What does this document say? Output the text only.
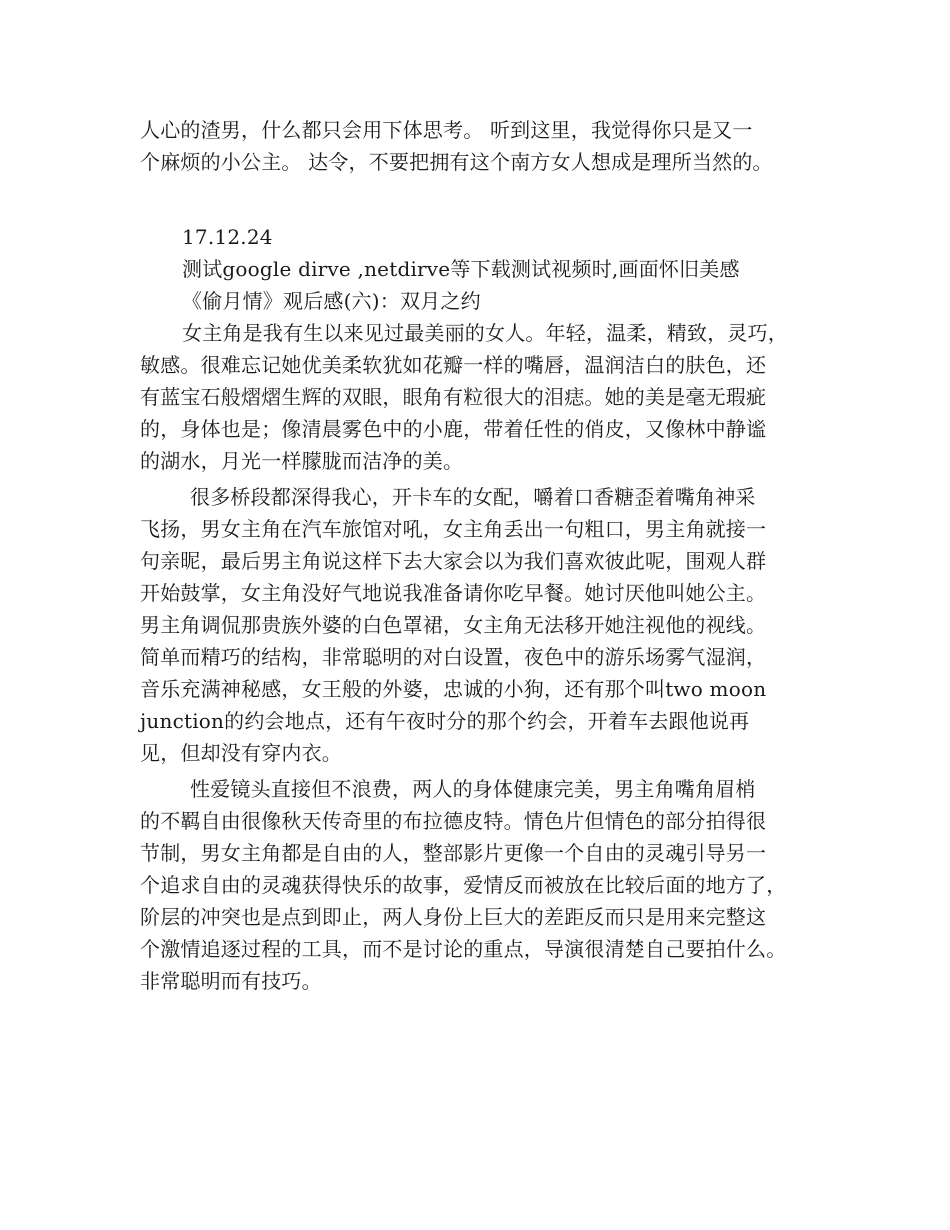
人心的渣男，什么都只会用下体思考。 听到这里，我觉得你只是又一
个麻烦的小公主。 达令，不要把拥有这个南方女人想成是理所当然的。
17.12.24
测试google dirve ,netdirve等下载测试视频时,画面怀旧美感
《偷月情》观后感(六)：双月之约
女主角是我有生以来见过最美丽的女人。年轻，温柔，精致，灵巧，
敏感。很难忘记她优美柔软犹如花瓣一样的嘴唇，温润洁白的肤色，还
有蓝宝石般熠熠生辉的双眼，眼角有粒很大的泪痣。她的美是毫无瑕疵
的，身体也是；像清晨雾色中的小鹿，带着任性的俏皮，又像林中静谧
的湖水，月光一样朦胧而洁净的美。
很多桥段都深得我心，开卡车的女配，嚼着口香糖歪着嘴角神采
飞扬，男女主角在汽车旅馆对吼，女主角丢出一句粗口，男主角就接一
句亲昵，最后男主角说这样下去大家会以为我们喜欢彼此呢，围观人群
开始鼓掌，女主角没好气地说我准备请你吃早餐。她讨厌他叫她公主。
男主角调侃那贵族外婆的白色罩裙，女主角无法移开她注视他的视线。
简单而精巧的结构，非常聪明的对白设置，夜色中的游乐场雾气湿润，
音乐充满神秘感，女王般的外婆，忠诚的小狗，还有那个叫two moon
junction的约会地点，还有午夜时分的那个约会，开着车去跟他说再
见，但却没有穿内衣。
性爱镜头直接但不浪费，两人的身体健康完美，男主角嘴角眉梢
的不羁自由很像秋天传奇里的布拉德皮特。情色片但情色的部分拍得很
节制，男女主角都是自由的人，整部影片更像一个自由的灵魂引导另一
个追求自由的灵魂获得快乐的故事，爱情反而被放在比较后面的地方了，
阶层的冲突也是点到即止，两人身份上巨大的差距反而只是用来完整这
个激情追逐过程的工具，而不是讨论的重点，导演很清楚自己要拍什么。
非常聪明而有技巧。
